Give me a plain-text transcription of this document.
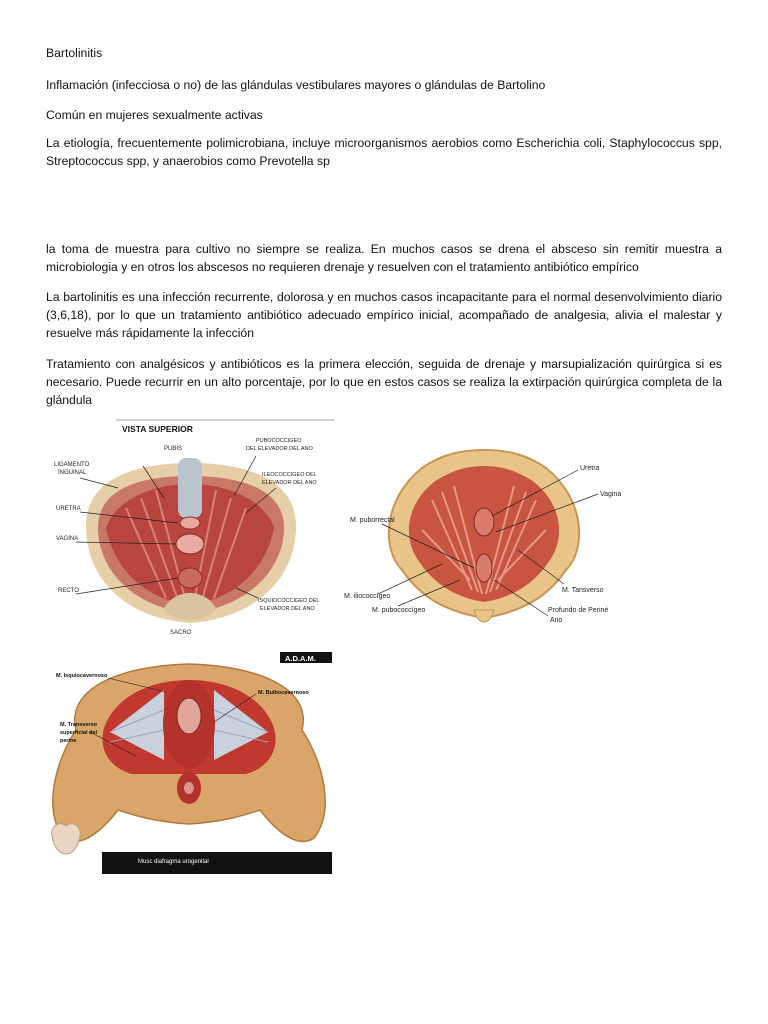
Bartolinitis

Inflamación (infecciosa o no) de las glándulas vestibulares mayores o glándulas de Bartolino

Común en mujeres sexualmente activas

La etiología, frecuentemente polimicrobiana, incluye microorganismos aerobios como Escherichia coli, Staphylococcus spp, Streptococcus spp, y anaerobios como Prevotella sp

la toma de muestra para cultivo no siempre se realiza. En muchos casos se drena el absceso sin remitir muestra a microbiologia y en otros los abscesos no requieren drenaje y resuelven con el tratamiento antibiótico empírico

La bartolinitis es una infección recurrente, dolorosa y en muchos casos incapacitante para el normal desenvolvimiento diario (3,6,18), por lo que un tratamiento antibiótico adecuado empírico inicial, acompañado de analgesia, alivia el malestar y resuelve más rápidamente la infección

Tratamiento con analgésicos y antibióticos es la primera elección, seguida de drenaje y marsupialización quirúrgica si es necesario. Puede recurrir en un alto porcentaje, por lo que en estos casos se realiza la extirpación quirúrgica completa de la glándula

VISTA SUPERIOR
PUBIS
PUBOCOCCIGEO
DEL ELEVADOR DEL ANO
LIGAMENTO
INGUINAL	ILEOCOCCIGEO DEL
ELEVADOR DEL ANO
URETRA
VAGINA
RECTO
ISQUIOCOCCIGEO DEL
ELEVADOR DEL ANO
SACRO
Uretra
Vagina
M. puborrectal
M. iliococcígeo
M. pubococcígeo
M. Tansverso
Profundo de Periné
Ano
A.D.A.M.
Musc diafragma urogenital
M. Isquiocavernoso
M. Bulbocavernoso
M. Transverso
superficial del
perine
